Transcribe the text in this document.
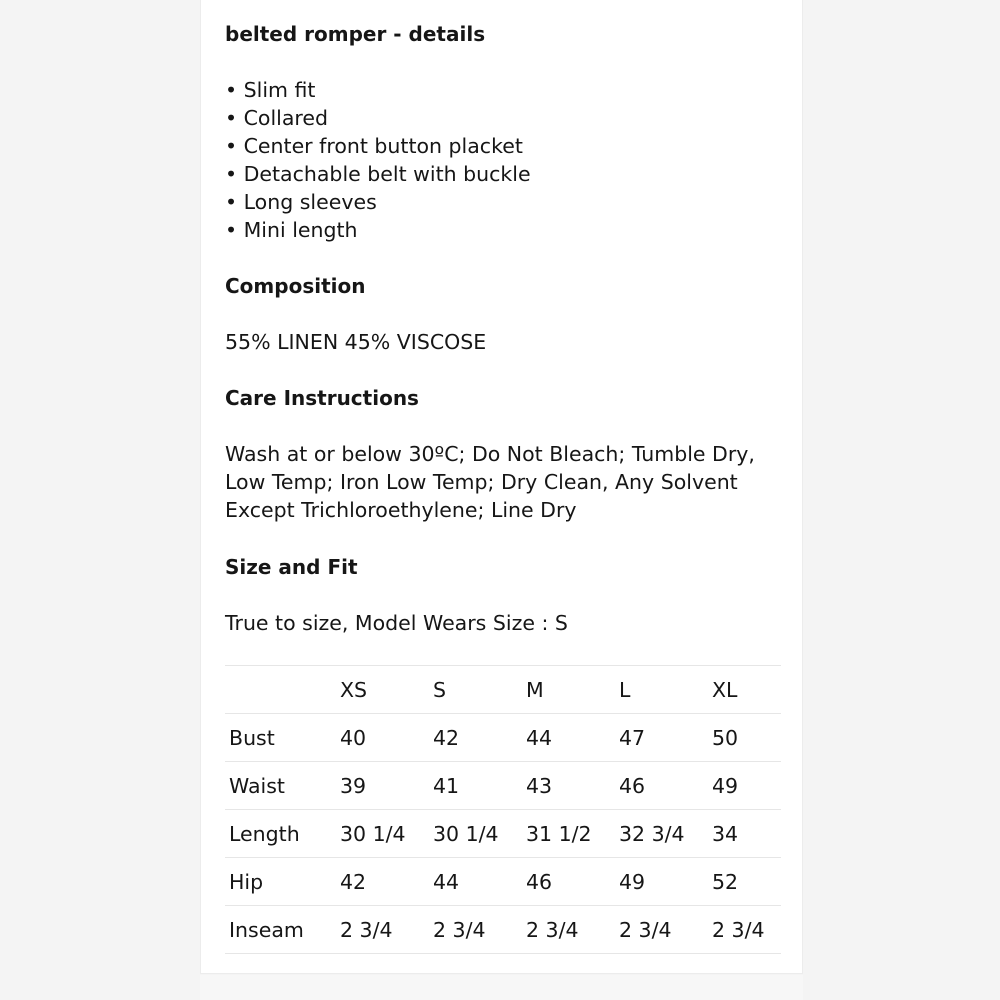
belted romper - details
• Slim fit
• Collared
• Center front button placket
• Detachable belt with buckle
• Long sleeves
• Mini length
Composition
55% LINEN 45% VISCOSE
Care Instructions
Wash at or below 30ºC; Do Not Bleach; Tumble Dry,
Low Temp; Iron Low Temp; Dry Clean, Any Solvent
Except Trichloroethylene; Line Dry
Size and Fit
True to size, Model Wears Size : S
	XS	S	M	L	XL
Bust	40	42	44	47	50
Waist	39	41	43	46	49
Length	30 1/4	30 1/4	31 1/2	32 3/4	34
Hip	42	44	46	49	52
Inseam	2 3/4	2 3/4	2 3/4	2 3/4	2 3/4
